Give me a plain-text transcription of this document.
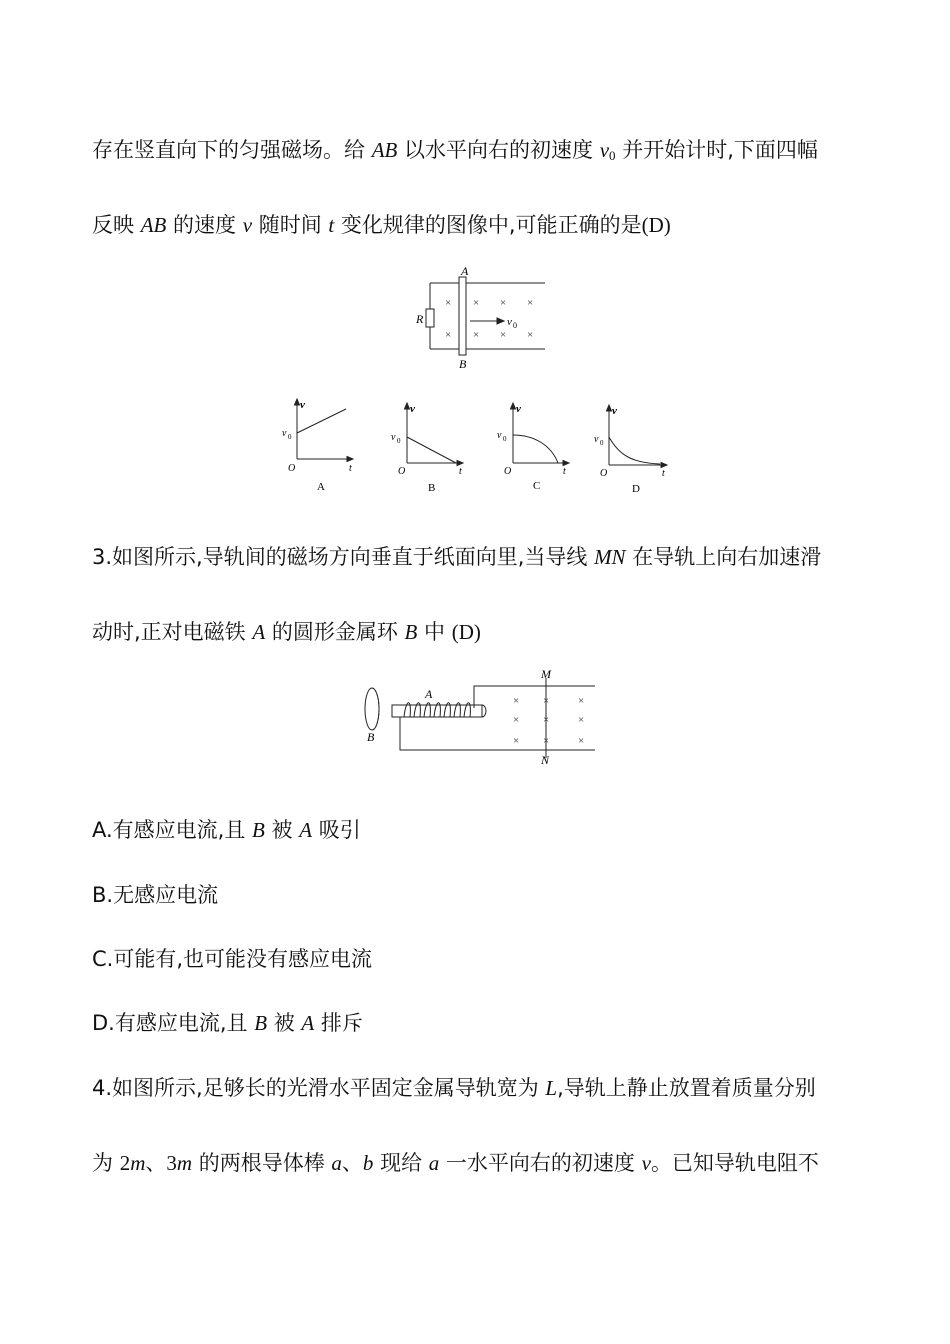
存在竖直向下的匀强磁场。给 AB 以水平向右的初速度 $v_0$ 并开始计时,下面四幅
反映 AB 的速度 v 随时间 t 变化规律的图像中,可能正确的是(D)
A
B
R	v 0
× × × ×
× × × ×
v
v 0
O	t
A
v
v 0
O	t
B
v
v 0
O	t
C
v
v 0
O	t
D
3.如图所示,导轨间的磁场方向垂直于纸面向里,当导线 MN 在导轨上向右加速滑
动时,正对电磁铁 A 的圆形金属环 B 中 (D)
A
B
M
N
× ×	×
× ×	×
× ×	×
A.有感应电流,且 B 被 A 吸引
B.无感应电流
C.可能有,也可能没有感应电流
D.有感应电流,且 B 被 A 排斥
4.如图所示,足够长的光滑水平固定金属导轨宽为 L,导轨上静止放置着质量分别
为 2m、3m 的两根导体棒 a、b 现给 a 一水平向右的初速度 v。已知导轨电阻不
